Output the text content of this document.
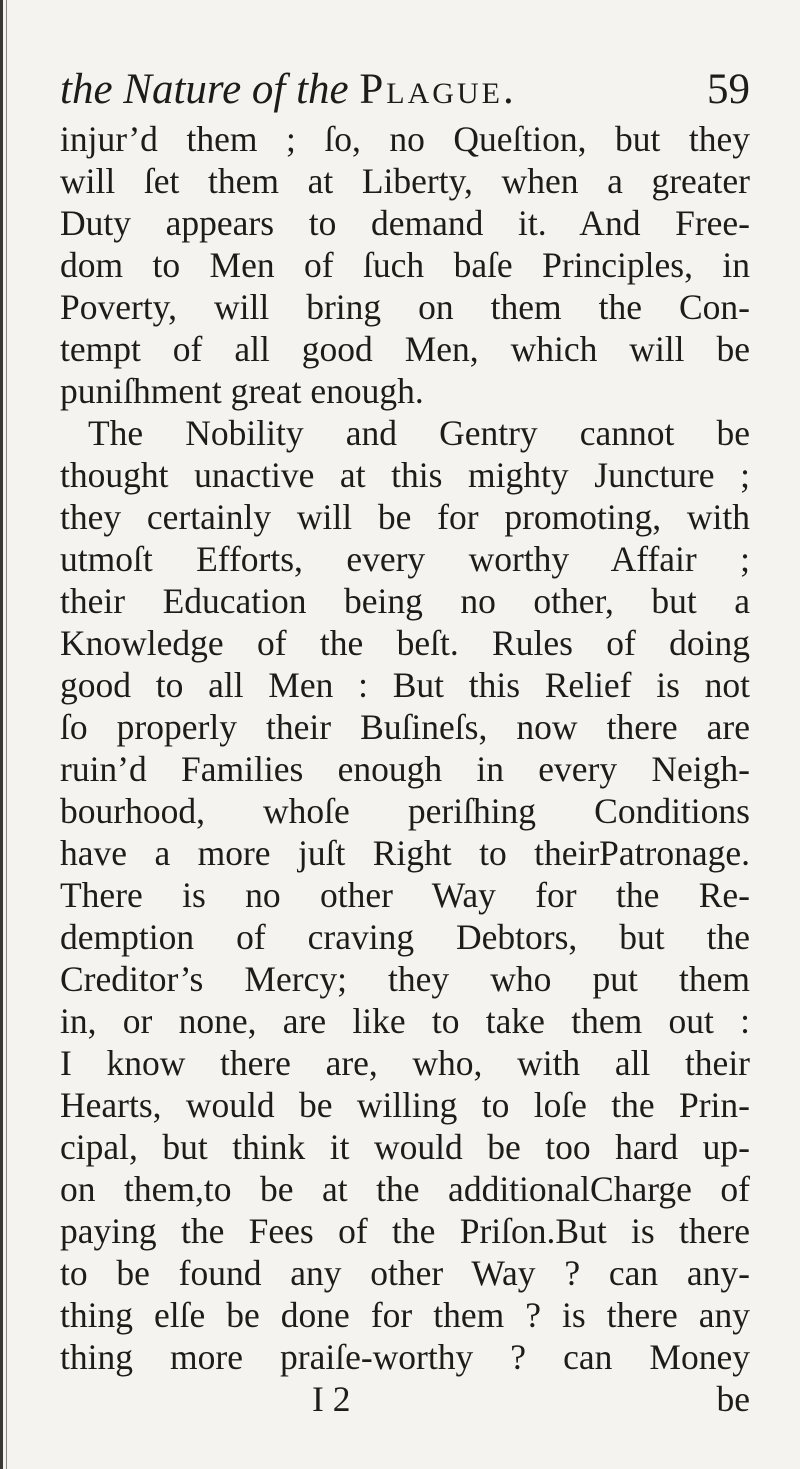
the Nature of the Plague.	59
injur’d them ; ſo, no Queſtion, but they
will ſet them at Liberty, when a greater
Duty appears to demand it. And Free-
dom to Men of ſuch baſe Principles, in
Poverty, will bring on them the Con-
tempt of all good Men, which will be
puniſhment great enough.
The Nobility and Gentry cannot be
thought unactive at this mighty Juncture ;
they certainly will be for promoting, with
utmoſt Efforts, every worthy Affair ;
their Education being no other, but a
Knowledge of the beſt. Rules of doing
good to all Men : But this Relief is not
ſo properly their Buſineſs, now there are
ruin’d Families enough in every Neigh-
bourhood, whoſe periſhing Conditions
have a more juſt Right to theirPatronage.
There is no other Way for the Re-
demption of craving Debtors, but the
Creditor’s Mercy; they who put them
in, or none, are like to take them out :
I know there are, who, with all their
Hearts, would be willing to loſe the Prin-
cipal, but think it would be too hard up-
on them,to be at the additionalCharge of
paying the Fees of the Priſon.But is there
to be found any other Way ? can any-
thing elſe be done for them ? is there any
thing more praiſe-worthy ? can Money
I 2	be
